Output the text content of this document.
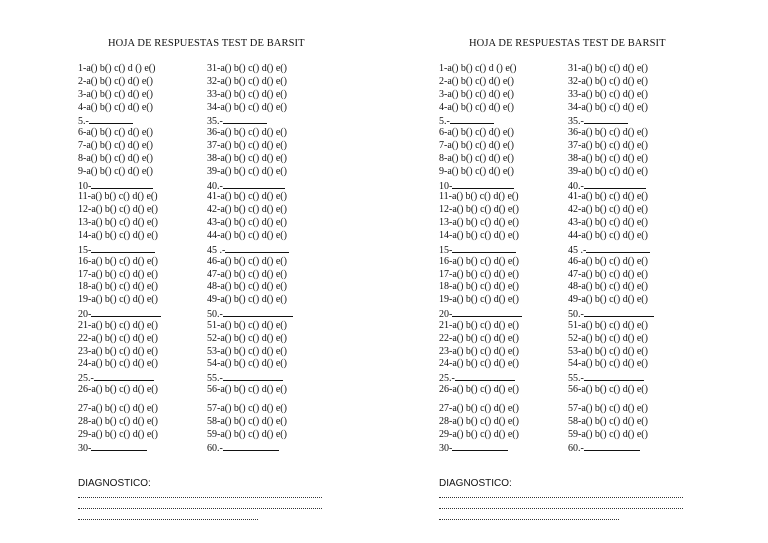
HOJA DE RESPUESTAS TEST DE BARSIT
1-a() b() c() d () e()
2-a() b() c() d() e()
3-a() b() c() d() e()
4-a() b() c() d() e()
5.-
6-a() b() c() d() e()
7-a() b() c() d() e()
8-a() b() c() d() e()
9-a() b() c() d() e()
10-
11-a() b() c() d() e()
12-a() b() c() d() e()
13-a() b() c() d() e()
14-a() b() c() d() e()
15-
16-a() b() c() d() e()
17-a() b() c() d() e()
18-a() b() c() d() e()
19-a() b() c() d() e()
20-
21-a() b() c() d() e()
22-a() b() c() d() e()
23-a() b() c() d() e()
24-a() b() c() d() e()
25.-
26-a() b() c() d() e()
27-a() b() c() d() e()
28-a() b() c() d() e()
29-a() b() c() d() e()
30-
31-a() b() c() d() e()
32-a() b() c() d() e()
33-a() b() c() d() e()
34-a() b() c() d() e()
35.-
36-a() b() c() d() e()
37-a() b() c() d() e()
38-a() b() c() d() e()
39-a() b() c() d() e()
40.-
41-a() b() c() d() e()
42-a() b() c() d() e()
43-a() b() c() d() e()
44-a() b() c() d() e()
45 .-
46-a() b() c() d() e()
47-a() b() c() d() e()
48-a() b() c() d() e()
49-a() b() c() d() e()
50.-
51-a() b() c() d() e()
52-a() b() c() d() e()
53-a() b() c() d() e()
54-a() b() c() d() e()
55.-
56-a() b() c() d() e()
57-a() b() c() d() e()
58-a() b() c() d() e()
59-a() b() c() d() e()
60.-
DIAGNOSTICO:
HOJA DE RESPUESTAS TEST DE BARSIT
1-a() b() c() d () e()
2-a() b() c() d() e()
3-a() b() c() d() e()
4-a() b() c() d() e()
5.-
6-a() b() c() d() e()
7-a() b() c() d() e()
8-a() b() c() d() e()
9-a() b() c() d() e()
10-
11-a() b() c() d() e()
12-a() b() c() d() e()
13-a() b() c() d() e()
14-a() b() c() d() e()
15-
16-a() b() c() d() e()
17-a() b() c() d() e()
18-a() b() c() d() e()
19-a() b() c() d() e()
20-
21-a() b() c() d() e()
22-a() b() c() d() e()
23-a() b() c() d() e()
24-a() b() c() d() e()
25.-
26-a() b() c() d() e()
27-a() b() c() d() e()
28-a() b() c() d() e()
29-a() b() c() d() e()
30-
31-a() b() c() d() e()
32-a() b() c() d() e()
33-a() b() c() d() e()
34-a() b() c() d() e()
35.-
36-a() b() c() d() e()
37-a() b() c() d() e()
38-a() b() c() d() e()
39-a() b() c() d() e()
40.-
41-a() b() c() d() e()
42-a() b() c() d() e()
43-a() b() c() d() e()
44-a() b() c() d() e()
45 .-
46-a() b() c() d() e()
47-a() b() c() d() e()
48-a() b() c() d() e()
49-a() b() c() d() e()
50.-
51-a() b() c() d() e()
52-a() b() c() d() e()
53-a() b() c() d() e()
54-a() b() c() d() e()
55.-
56-a() b() c() d() e()
57-a() b() c() d() e()
58-a() b() c() d() e()
59-a() b() c() d() e()
60.-
DIAGNOSTICO:
